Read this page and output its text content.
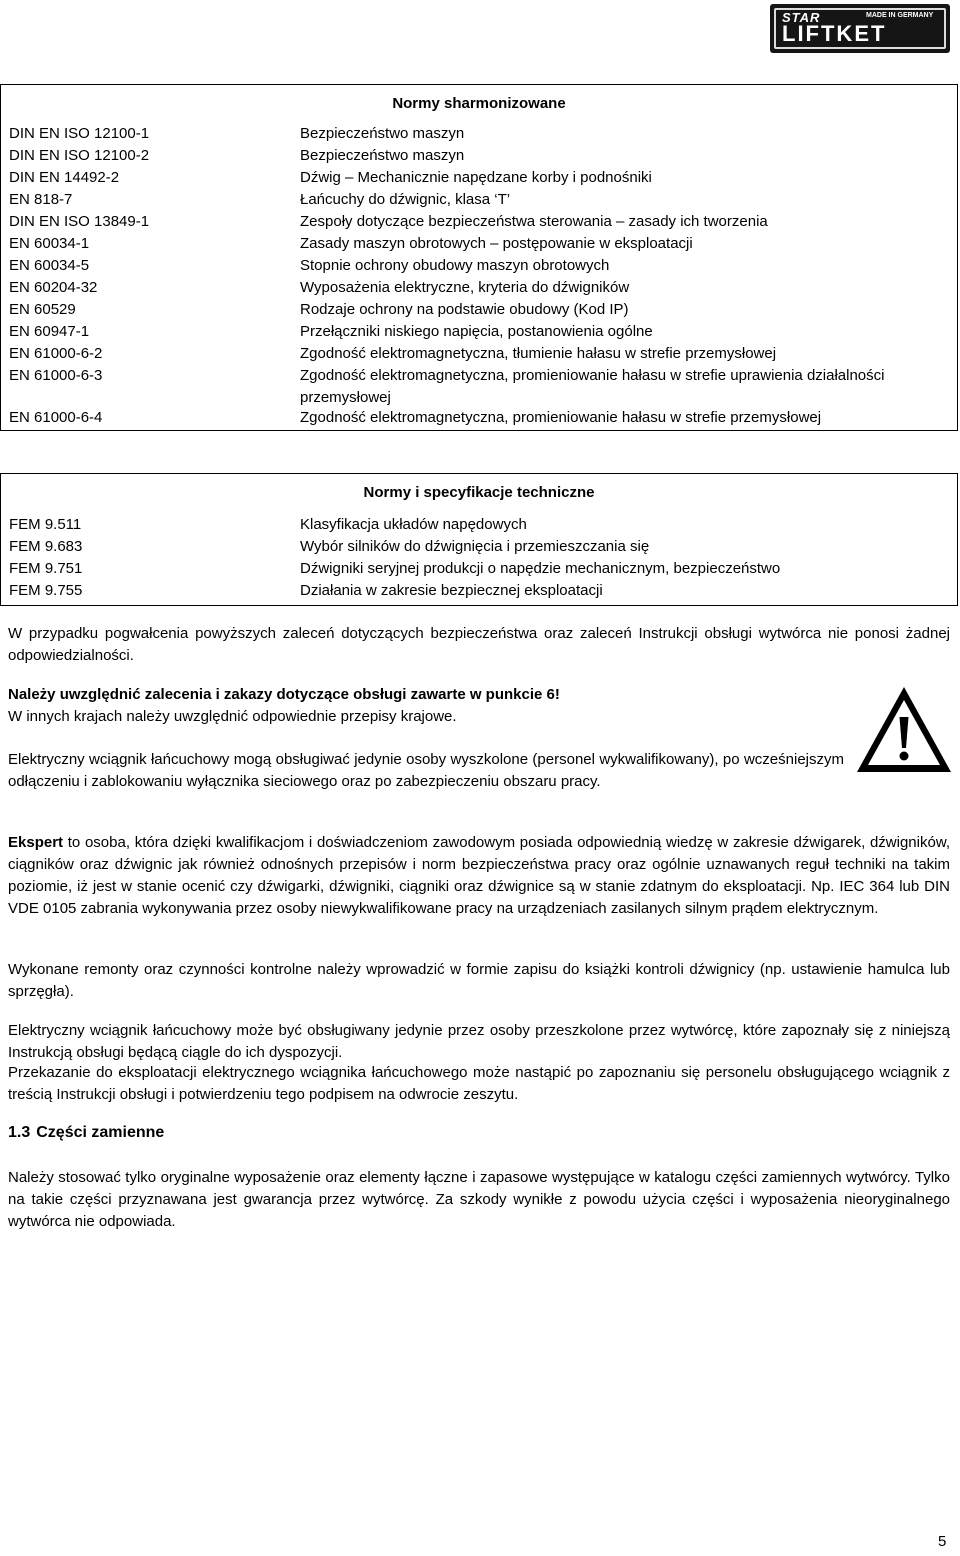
STAR	MADE IN GERMANY
LIFTKET
Normy sharmonizowane
DIN EN ISO 12100-1	Bezpieczeństwo maszyn
DIN EN ISO 12100-2	Bezpieczeństwo maszyn
DIN EN 14492-2	Dźwig – Mechanicznie napędzane korby i podnośniki
EN 818-7	Łańcuchy do dźwignic, klasa ‘T’
DIN EN ISO 13849-1	Zespoły dotyczące bezpieczeństwa sterowania – zasady ich tworzenia
EN 60034-1	Zasady maszyn obrotowych – postępowanie w eksploatacji
EN 60034-5	Stopnie ochrony obudowy maszyn obrotowych
EN 60204-32	Wyposażenia elektryczne, kryteria do dźwigników
EN 60529	Rodzaje ochrony na podstawie obudowy (Kod IP)
EN 60947-1	Przełączniki niskiego napięcia, postanowienia ogólne
EN 61000-6-2	Zgodność elektromagnetyczna, tłumienie hałasu w strefie przemysłowej
EN 61000-6-3	Zgodność elektromagnetyczna, promieniowanie hałasu w strefie uprawienia działalności przemysłowej
EN 61000-6-4	Zgodność elektromagnetyczna, promieniowanie hałasu w strefie przemysłowej
Normy i specyfikacje techniczne
FEM 9.511	Klasyfikacja układów napędowych
FEM 9.683	Wybór silników do dźwignięcia i przemieszczania się
FEM 9.751	Dźwigniki seryjnej produkcji o napędzie mechanicznym, bezpieczeństwo
FEM 9.755	Działania w zakresie bezpiecznej eksploatacji

W przypadku pogwałcenia powyższych zaleceń dotyczących bezpieczeństwa oraz zaleceń Instrukcji obsługi wytwórca nie ponosi żadnej odpowiedzialności.

Należy uwzględnić zalecenia i zakazy dotyczące obsługi zawarte w punkcie 6!
W innych krajach należy uwzględnić odpowiednie przepisy krajowe.

Elektryczny wciągnik łańcuchowy mogą obsługiwać jedynie osoby wyszkolone (personel wykwalifikowany), po wcześniejszym odłączeniu i zablokowaniu wyłącznika sieciowego oraz po zabezpieczeniu obszaru pracy.

Ekspert to osoba, która dzięki kwalifikacjom i doświadczeniom zawodowym posiada odpowiednią wiedzę w zakresie dźwigarek, dźwigników, ciągników oraz dźwignic jak również odnośnych przepisów i norm bezpieczeństwa pracy oraz ogólnie uznawanych reguł techniki na takim poziomie, iż jest w stanie ocenić czy dźwigarki, dźwigniki, ciągniki oraz dźwignice są w stanie zdatnym do eksploatacji. Np. IEC 364 lub DIN VDE 0105 zabrania wykonywania przez osoby niewykwalifikowane pracy na urządzeniach zasilanych silnym prądem elektrycznym.

Wykonane remonty oraz czynności kontrolne należy wprowadzić w formie zapisu do książki kontroli dźwignicy (np. ustawienie hamulca lub sprzęgła).

Elektryczny wciągnik łańcuchowy może być obsługiwany jedynie przez osoby przeszkolone przez wytwórcę, które zapoznały się z niniejszą Instrukcją obsługi będącą ciągle do ich dyspozycji.

Przekazanie do eksploatacji elektrycznego wciągnika łańcuchowego może nastąpić po zapoznaniu się personelu obsługującego wciągnik z treścią Instrukcji obsługi i potwierdzeniu tego podpisem na odwrocie zeszytu.

1.3 Części zamienne

Należy stosować tylko oryginalne wyposażenie oraz elementy łączne i zapasowe występujące w katalogu części zamiennych wytwórcy. Tylko na takie części przyznawana jest gwarancja przez wytwórcę. Za szkody wynikłe z powodu użycia części i wyposażenia nieoryginalnego wytwórca nie odpowiada.

5
